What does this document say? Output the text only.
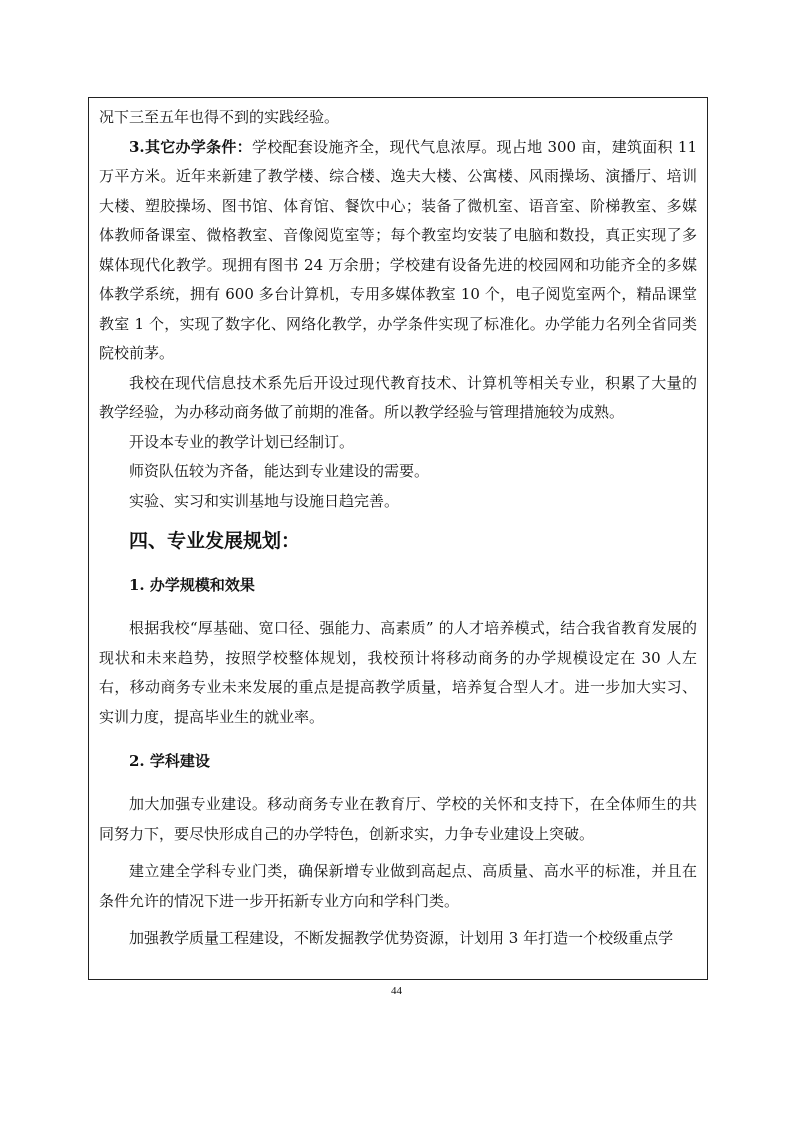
况下三至五年也得不到的实践经验。

3.其它办学条件：学校配套设施齐全，现代气息浓厚。现占地 300 亩，建筑面积 11 万平方米。近年来新建了教学楼、综合楼、逸夫大楼、公寓楼、风雨操场、演播厅、培训大楼、塑胶操场、图书馆、体育馆、餐饮中心；装备了微机室、语音室、阶梯教室、多媒体教师备课室、微格教室、音像阅览室等；每个教室均安装了电脑和数投，真正实现了多媒体现代化教学。现拥有图书 24 万余册；学校建有设备先进的校园网和功能齐全的多媒体教学系统，拥有 600 多台计算机，专用多媒体教室 10 个，电子阅览室两个，精品课堂教室 1 个，实现了数字化、网络化教学，办学条件实现了标准化。办学能力名列全省同类院校前茅。

我校在现代信息技术系先后开设过现代教育技术、计算机等相关专业，积累了大量的教学经验，为办移动商务做了前期的准备。所以教学经验与管理措施较为成熟。

开设本专业的教学计划已经制订。

师资队伍较为齐备，能达到专业建设的需要。

实验、实习和实训基地与设施日趋完善。

四、专业发展规划：
1. 办学规模和效果

根据我校“厚基础、宽口径、强能力、高素质” 的人才培养模式，结合我省教育发展的现状和未来趋势，按照学校整体规划，我校预计将移动商务的办学规模设定在 30 人左右，移动商务专业未来发展的重点是提高教学质量，培养复合型人才。进一步加大实习、实训力度，提高毕业生的就业率。

2. 学科建设

加大加强专业建设。移动商务专业在教育厅、学校的关怀和支持下，在全体师生的共同努力下，要尽快形成自己的办学特色，创新求实，力争专业建设上突破。

建立建全学科专业门类，确保新增专业做到高起点、高质量、高水平的标准，并且在条件允许的情况下进一步开拓新专业方向和学科门类。

加强教学质量工程建设，不断发掘教学优势资源，计划用 3 年打造一个校级重点学

44
